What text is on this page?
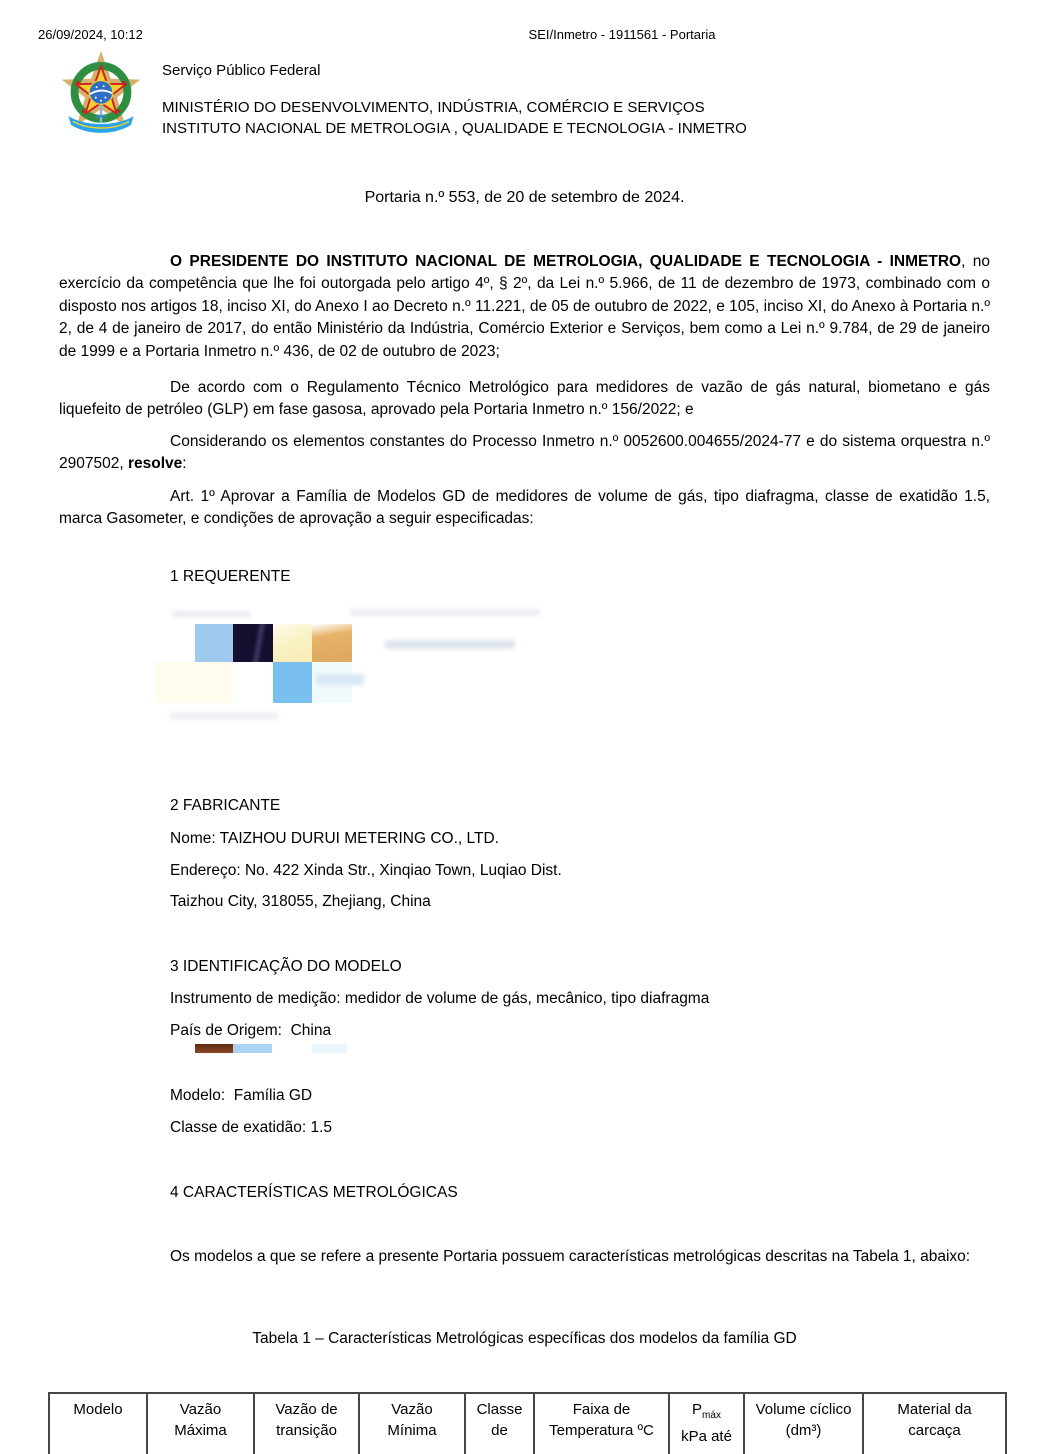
26/09/2024, 10:12	SEI/Inmetro - 1911561 - Portaria
Serviço Público Federal
MINISTÉRIO DO DESENVOLVIMENTO, INDÚSTRIA, COMÉRCIO E SERVIÇOS
INSTITUTO NACIONAL DE METROLOGIA , QUALIDADE E TECNOLOGIA - INMETRO
Portaria n.º 553, de 20 de setembro de 2024.
O PRESIDENTE DO INSTITUTO NACIONAL DE METROLOGIA, QUALIDADE E TECNOLOGIA - INMETRO, no exercício da competência que lhe foi outorgada pelo artigo 4º, § 2º, da Lei n.º 5.966, de 11 de dezembro de 1973, combinado com o disposto nos artigos 18, inciso XI, do Anexo I ao Decreto n.º 11.221, de 05 de outubro de 2022, e 105, inciso XI, do Anexo à Portaria n.º 2, de 4 de janeiro de 2017, do então Ministério da Indústria, Comércio Exterior e Serviços, bem como a Lei n.º 9.784, de 29 de janeiro de 1999 e a Portaria Inmetro n.º 436, de 02 de outubro de 2023;
De acordo com o Regulamento Técnico Metrológico para medidores de vazão de gás natural, biometano e gás liquefeito de petróleo (GLP) em fase gasosa, aprovado pela Portaria Inmetro n.º 156/2022; e
Considerando os elementos constantes do Processo Inmetro n.º 0052600.004655/2024-77 e do sistema orquestra n.º 2907502, resolve:
Art. 1º Aprovar a Família de Modelos GD de medidores de volume de gás, tipo diafragma, classe de exatidão 1.5, marca Gasometer, e condições de aprovação a seguir especificadas:
1 REQUERENTE
2 FABRICANTE
Nome: TAIZHOU DURUI METERING CO., LTD.
Endereço: No. 422 Xinda Str., Xinqiao Town, Luqiao Dist.
Taizhou City, 318055, Zhejiang, China
3 IDENTIFICAÇÃO DO MODELO
Instrumento de medição: medidor de volume de gás, mecânico, tipo diafragma
País de Origem:  China
Modelo:  Família GD
Classe de exatidão: 1.5
4 CARACTERÍSTICAS METROLÓGICAS
Os modelos a que se refere a presente Portaria possuem características metrológicas descritas na Tabela 1, abaixo:
Tabela 1 – Características Metrológicas específicas dos modelos da família GD
Modelo	Vazão
Máxima
Vazão de
transição
Vazão
Mínima
Classe
de
Faixa de
Temperatura ºC
$P_{máx}$
kPa até
Volume cíclico
(dm³)
Material da
carcaça
